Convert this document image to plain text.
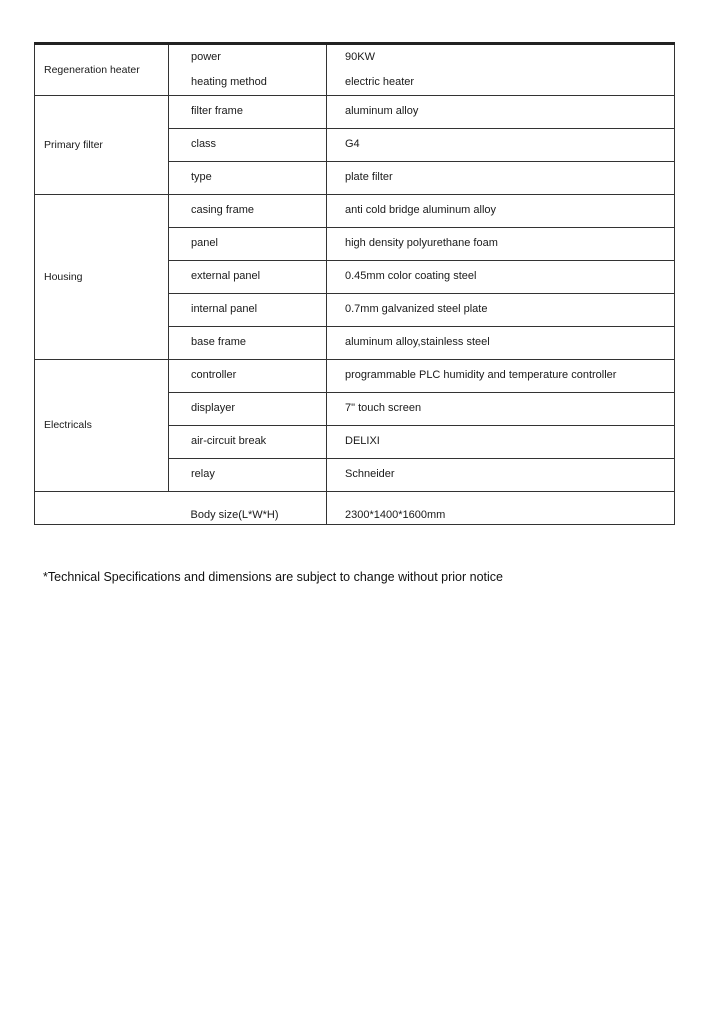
Regeneration heater	power	90KW
	heating method	electric heater
Primary filter	filter frame	aluminum alloy
	class	G4
	type	plate filter
Housing	casing frame	anti cold bridge aluminum alloy
	panel	high density polyurethane foam
	external panel	0.45mm color coating steel
	internal panel	0.7mm galvanized steel plate
	base frame	aluminum alloy,stainless steel
Electricals	controller	programmable PLC humidity and temperature controller
	displayer	7" touch screen
	air-circuit break	DELIXI
	relay	Schneider
	Body size(L*W*H)	2300*1400*1600mm
*Technical Specifications and dimensions are subject to change without prior notice
